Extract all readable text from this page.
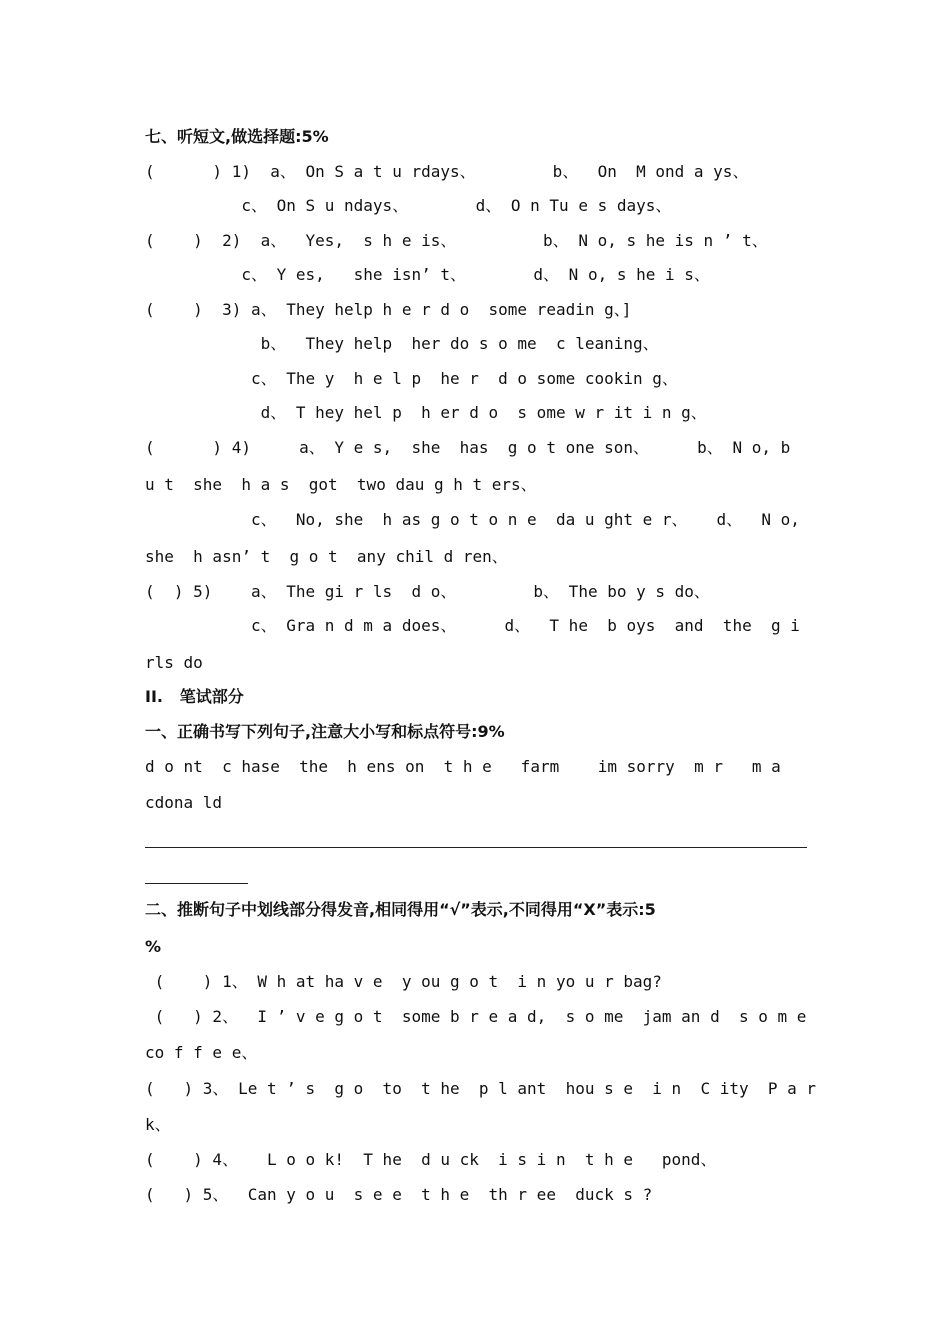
七、听短文,做选择题:5%
(      ) 1)  a、 On S a t u rdays、        b、  On  M ond a ys、
c、 On S u ndays、       d、 O n Tu e s days、
(    )  2)  a、  Yes,  s h e is、         b、 N o, s he is n ’ t、
c、 Y es,   she isn’ t、       d、 N o, s he i s、
(    )  3) a、 They help h e r d o  some readin g、]
b、  They help  her do s o me  c leaning、
c、 The y  h e l p  he r  d o some cookin g、
d、 T hey hel p  h er d o  s ome w r it i n g、
(      ) 4)     a、 Y e s,  she  has  g o t one son、     b、 N o, b
u t  she  h a s  got  two dau g h t ers、
c、  No, she  h as g o t o n e  da u ght e r、   d、  N o,
she  h asn’ t  g o t  any chil d ren、
(  ) 5)    a、 The gi r ls  d o、        b、 The bo y s do、
c、 Gra n d m a does、     d、  T he  b oys  and  the  g i
rls do
II.   笔试部分
一、正确书写下列句子,注意大小写和标点符号:9%
d o nt  c hase  the  h ens on  t h e   farm    im sorry  m r   m a
cdona ld
二、推断句子中划线部分得发音,相同得用“√”表示,不同得用“X”表示:5
%
(    ) 1、 W h at ha v e  y ou g o t  i n yo u r bag?
(   ) 2、  I ’ v e g o t  some b r e a d,  s o me  jam an d  s o m e
co f f e e、
(   ) 3、 Le t ’ s  g o  to  t he  p l ant  hou s e  i n  C ity  P a r
k、
(    ) 4、   L o o k!  T he  d u ck  i s i n  t h e   pond、
(   ) 5、  Can y o u  s e e  t h e  th r ee  duck s ?
